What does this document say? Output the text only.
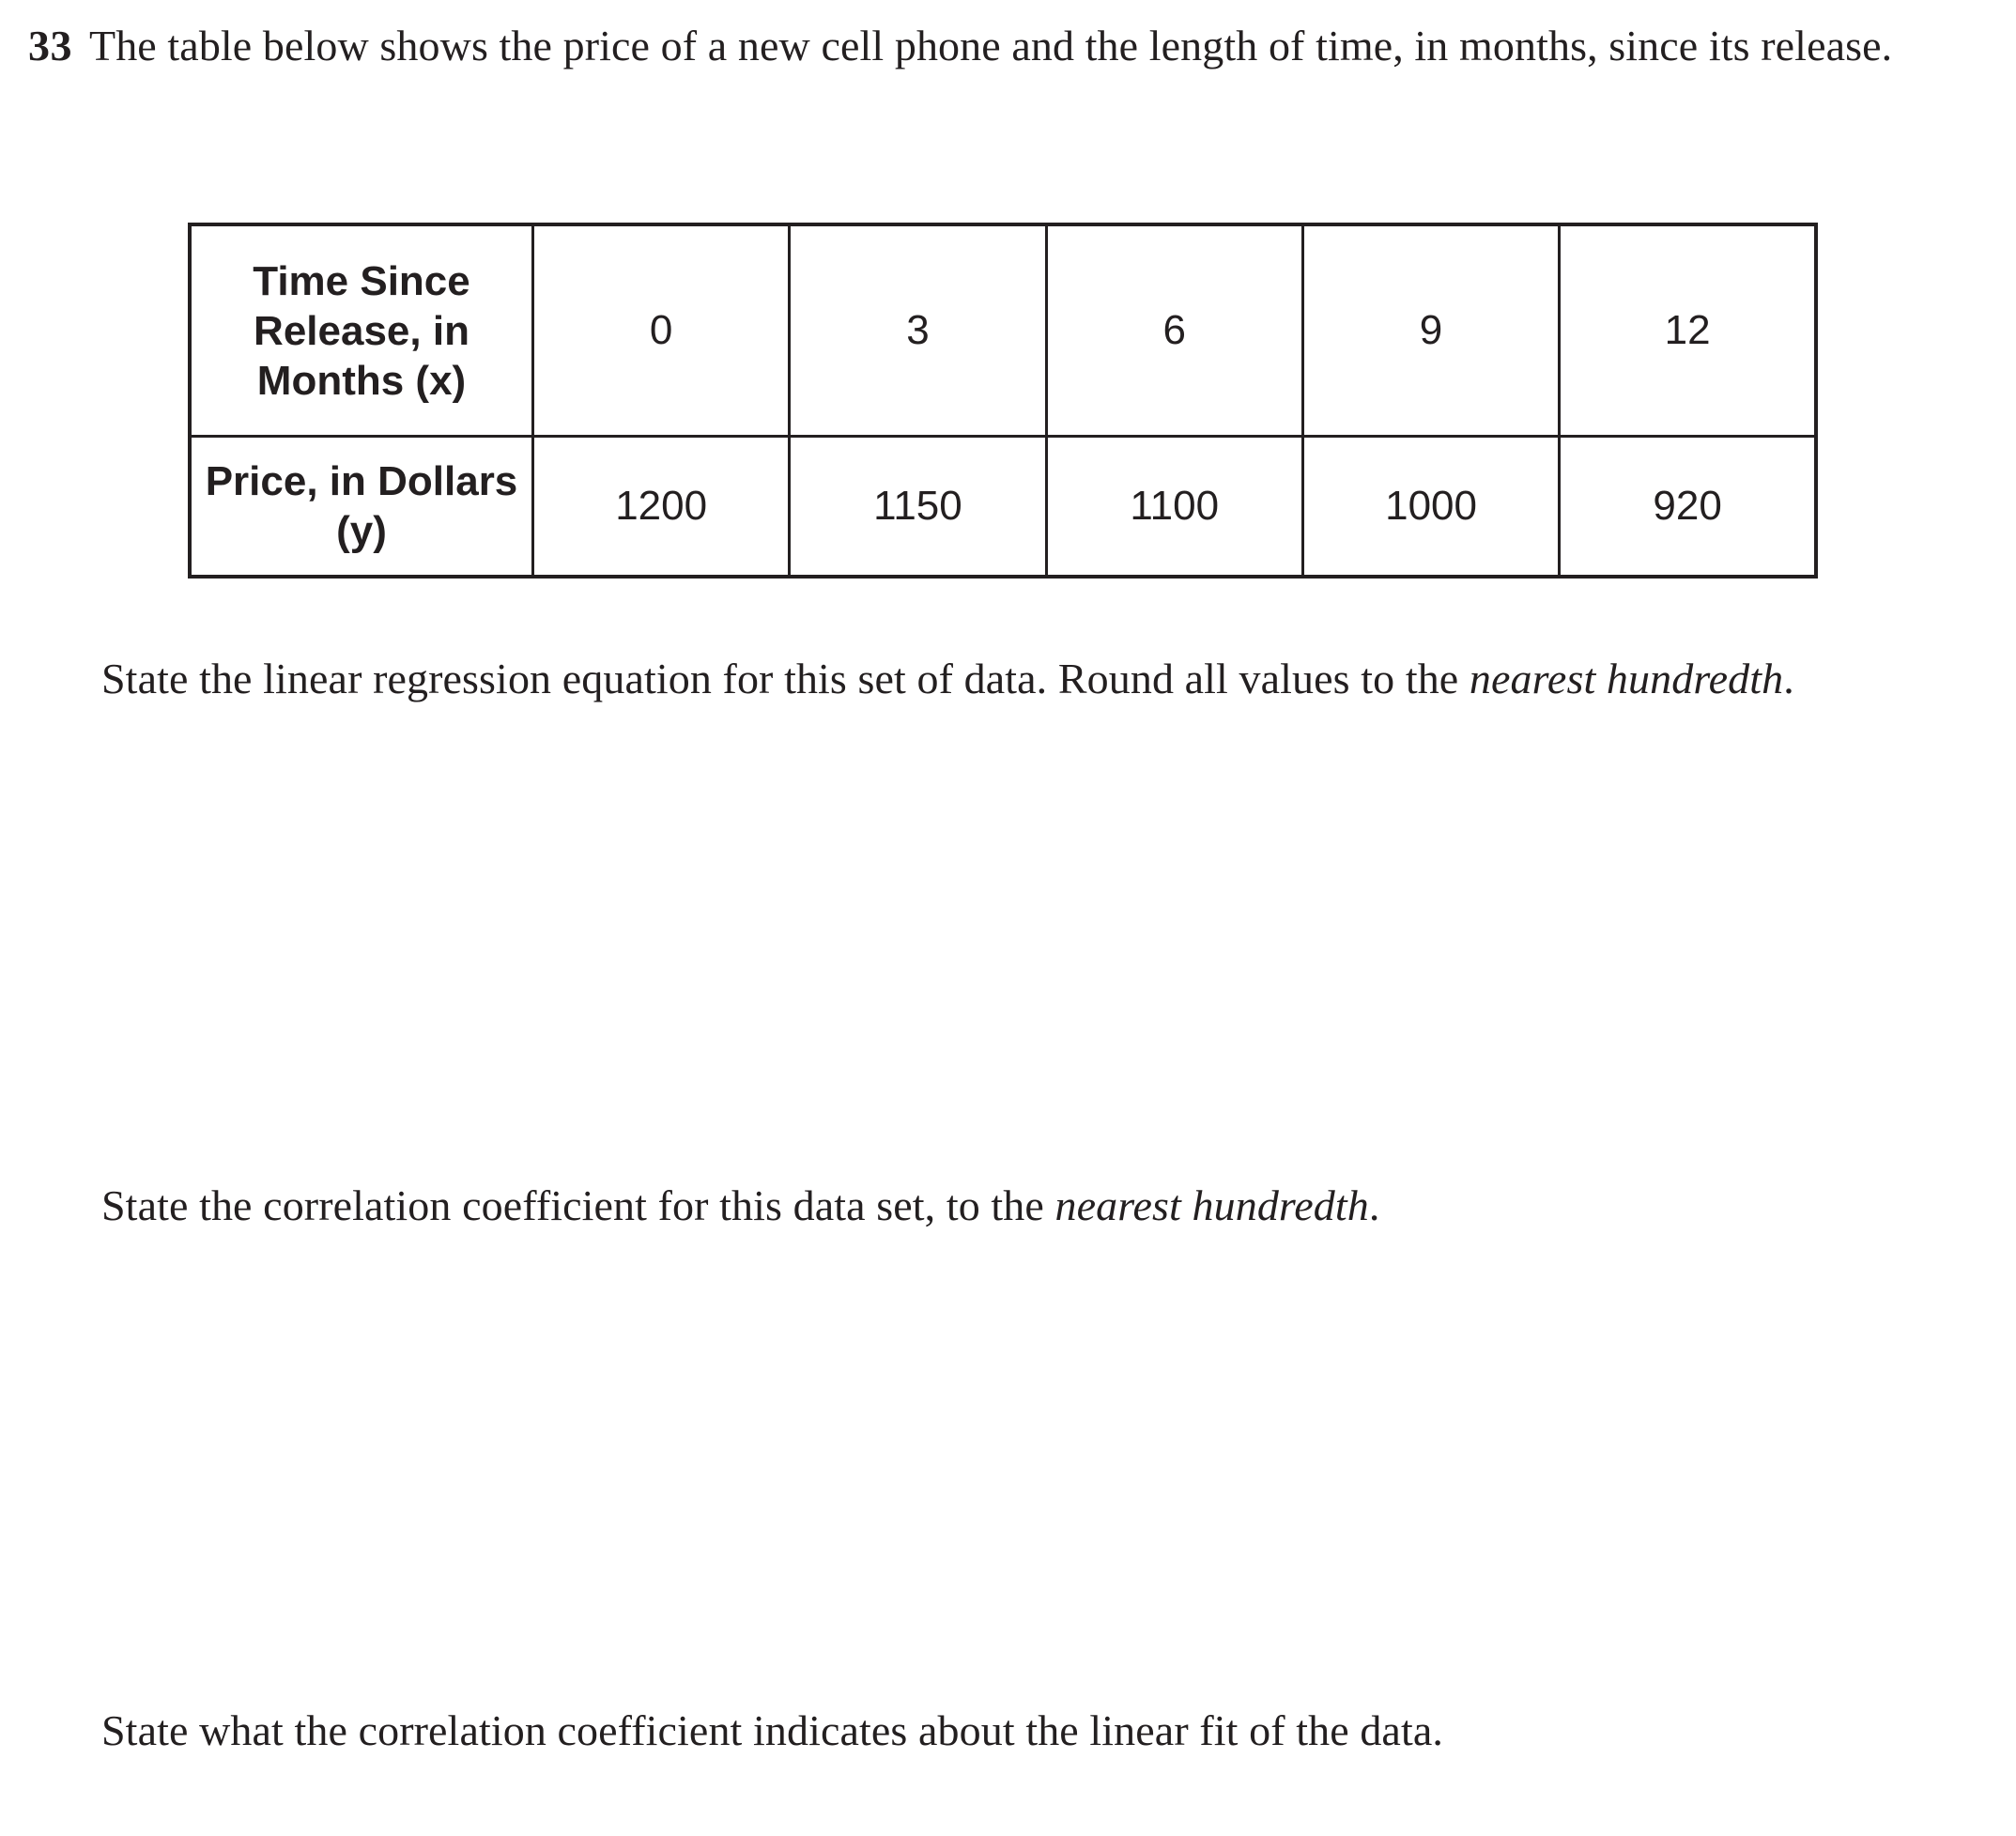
33 The table below shows the price of a new cell phone and the length of time, in months, since its release.
Time Since Release, in Months (x)	0	3	6	9	12
Price, in Dollars (y)	1200	1150	1100	1000	920
State the linear regression equation for this set of data. Round all values to the nearest hundredth.
State the correlation coefficient for this data set, to the nearest hundredth.
State what the correlation coefficient indicates about the linear fit of the data.
